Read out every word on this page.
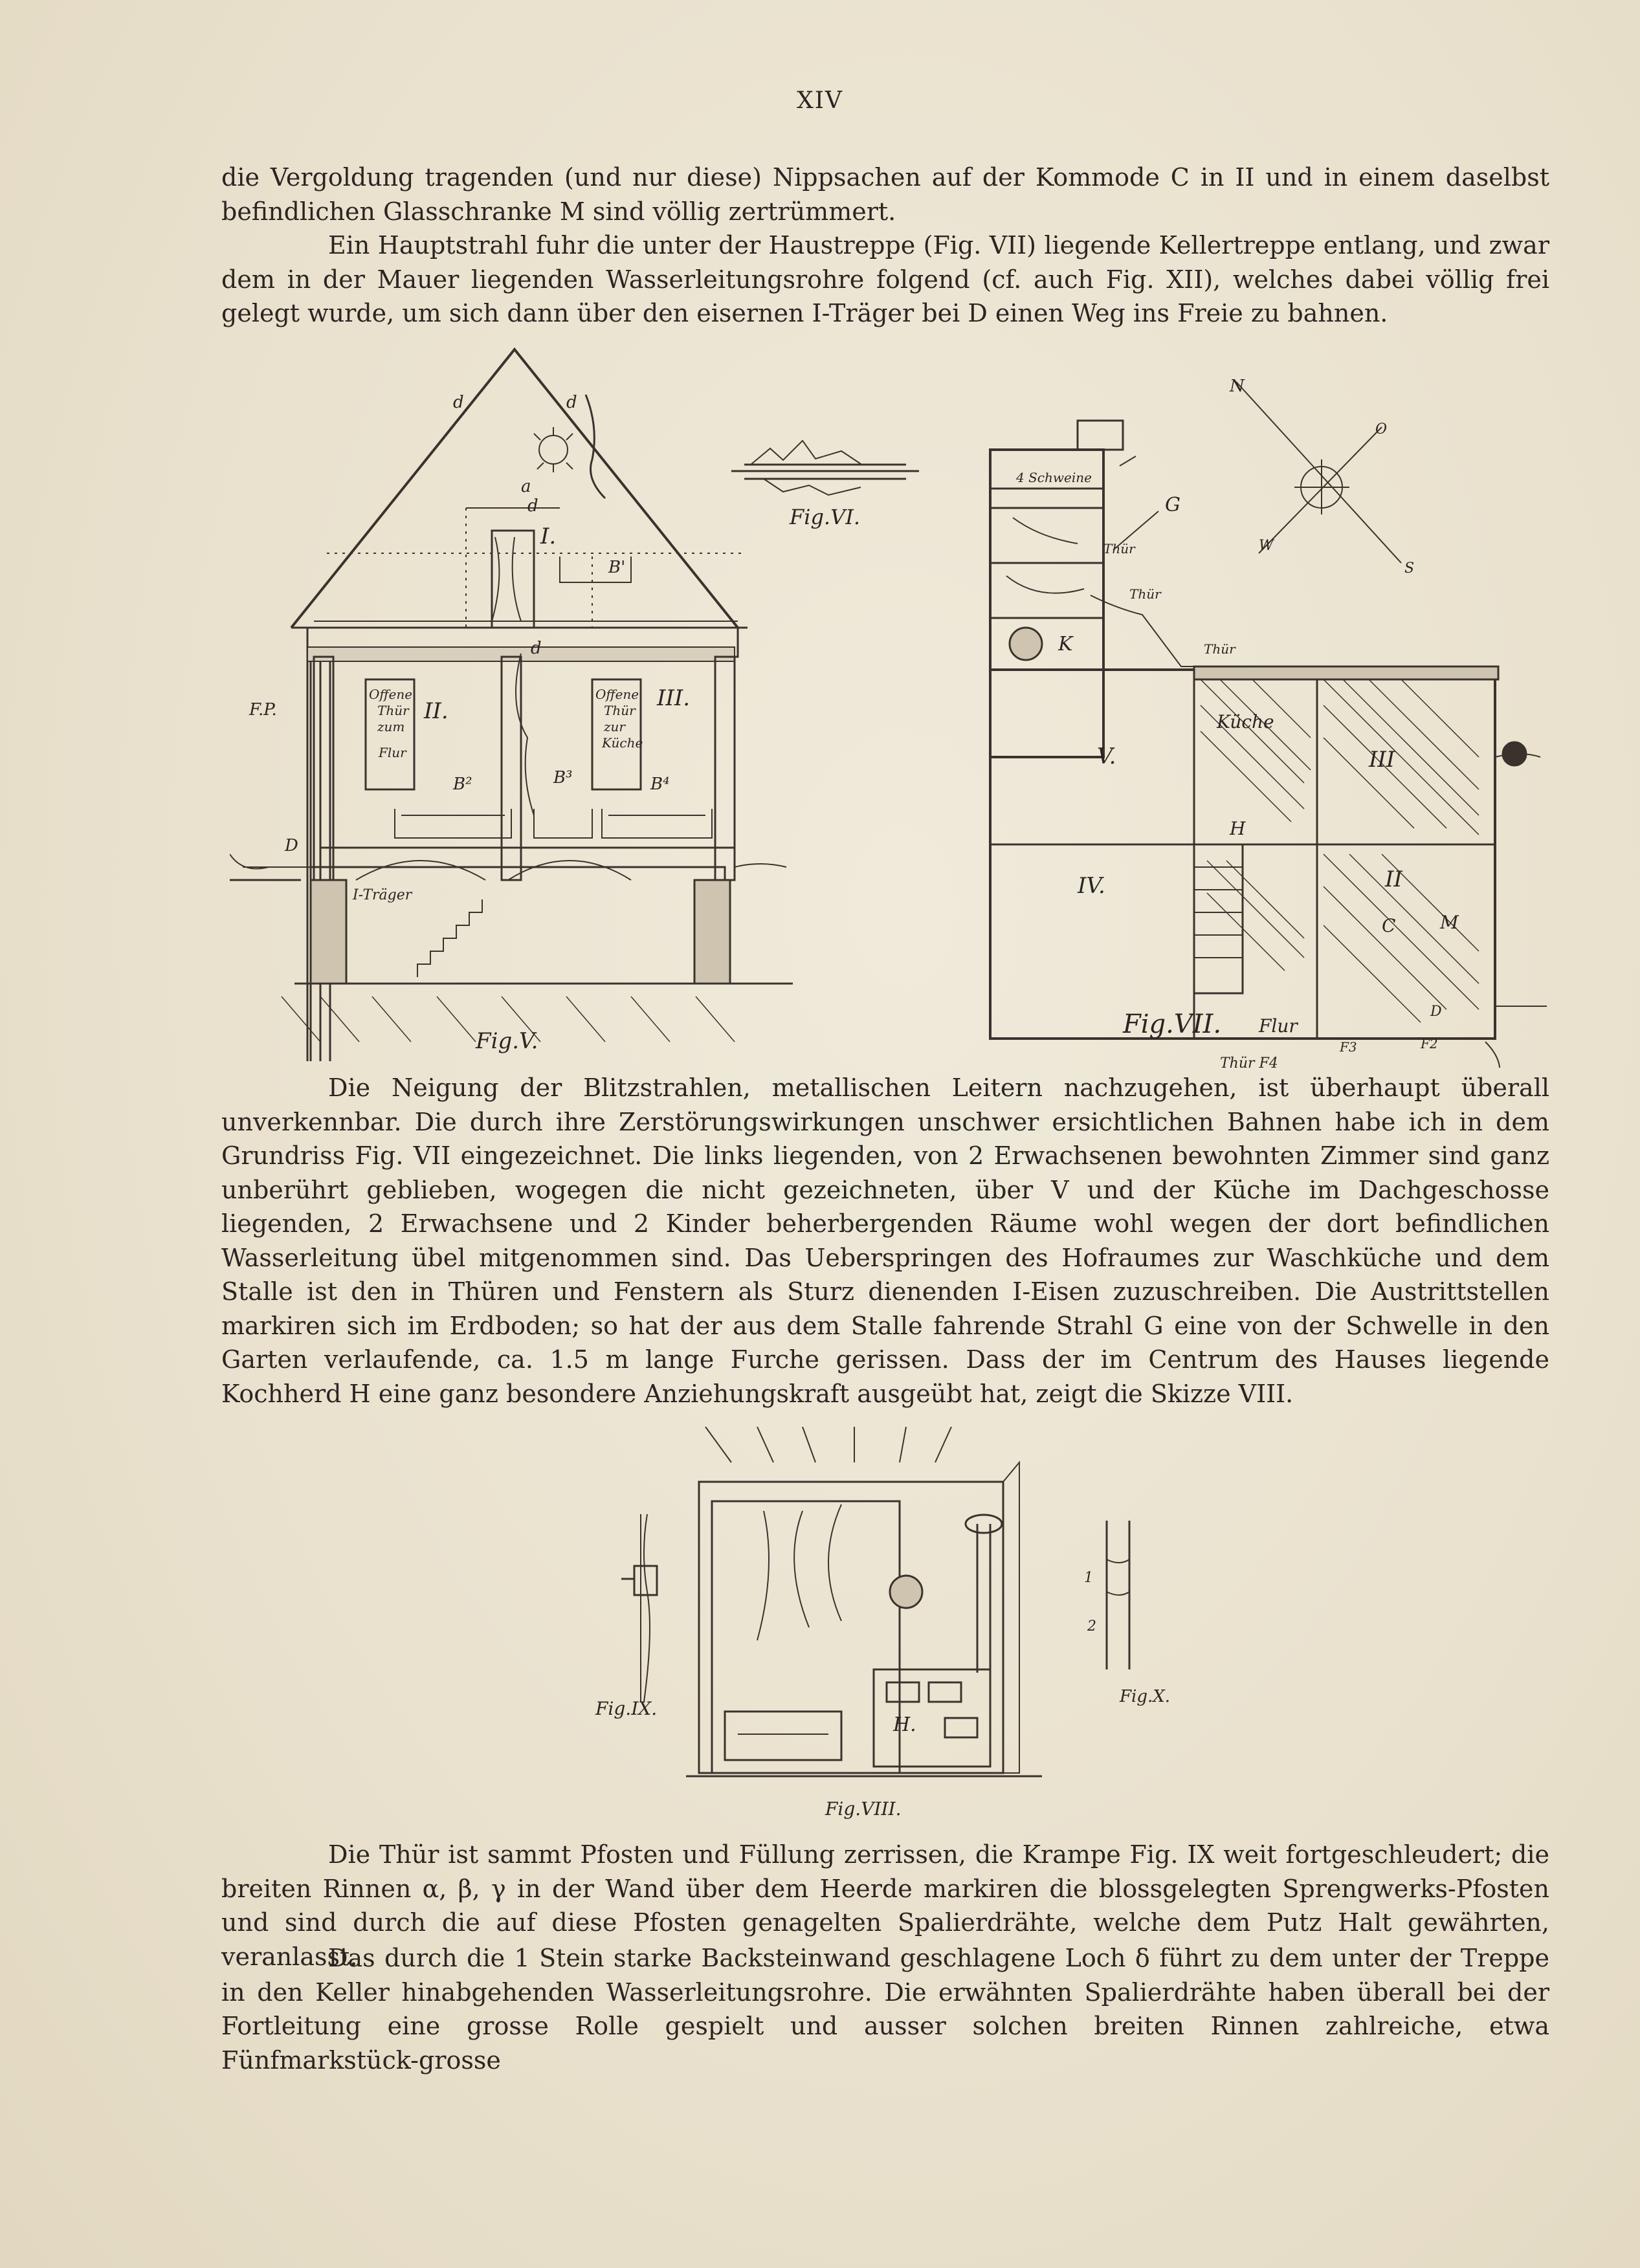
XIV

die Vergoldung tragenden (und nur diese) Nippsachen auf der Kommode C in II und in einem daselbst befindlichen Glasschranke M sind völlig zertrümmert.

Ein Hauptstrahl fuhr die unter der Haustreppe (Fig. VII) liegende Kellertreppe entlang, und zwar dem in der Mauer liegenden Wasserleitungsrohre folgend (cf. auch Fig. XII), welches dabei völlig frei gelegt wurde, um sich dann über den eisernen I-Träger bei D einen Weg ins Freie zu bahnen.

d	d
d
d
a
I.
B'
II.	III.
B²	B³	B⁴
Offene
Thür
zum
Flur
Offene
Thür
zur
Küche
F.P.
D
I-Träger
Fig.V.
Fig.VI.
4 Schweine
G
Thür
Thür
Thür
K
V.
Küche
H
III
IV.	II
C M
Flur
Thür F4
F3	F2
D
N
O
W
S
Fig.VII.

Die Neigung der Blitzstrahlen, metallischen Leitern nachzugehen, ist überhaupt überall unverkennbar. Die durch ihre Zerstörungswirkungen unschwer ersichtlichen Bahnen habe ich in dem Grundriss Fig. VII eingezeichnet. Die links liegenden, von 2 Erwachsenen bewohnten Zimmer sind ganz unberührt geblieben, wogegen die nicht gezeichneten, über V und der Küche im Dachgeschosse liegenden, 2 Erwachsene und 2 Kinder beherbergenden Räume wohl wegen der dort befindlichen Wasserleitung übel mitgenommen sind. Das Ueberspringen des Hofraumes zur Waschküche und dem Stalle ist den in Thüren und Fenstern als Sturz dienenden I-Eisen zuzuschreiben. Die Austrittstellen markiren sich im Erdboden; so hat der aus dem Stalle fahrende Strahl G eine von der Schwelle in den Garten verlaufende, ca. 1.5 m lange Furche gerissen. Dass der im Centrum des Hauses liegende Kochherd H eine ganz besondere Anziehungskraft ausgeübt hat, zeigt die Skizze VIII.

Fig.IX.
H.
Fig.VIII.
1
2
Fig.X.

Die Thür ist sammt Pfosten und Füllung zerrissen, die Krampe Fig. IX weit fortgeschleudert; die breiten Rinnen α, β, γ in der Wand über dem Heerde markiren die blossgelegten Sprengwerks-Pfosten und sind durch die auf diese Pfosten genagelten Spalierdrähte, welche dem Putz Halt gewährten, veranlasst.

Das durch die 1 Stein starke Backsteinwand geschlagene Loch δ führt zu dem unter der Treppe in den Keller hinabgehenden Wasserleitungsrohre. Die erwähnten Spalierdrähte haben überall bei der Fortleitung eine grosse Rolle gespielt und ausser solchen breiten Rinnen zahlreiche, etwa Fünfmarkstück-grosse
